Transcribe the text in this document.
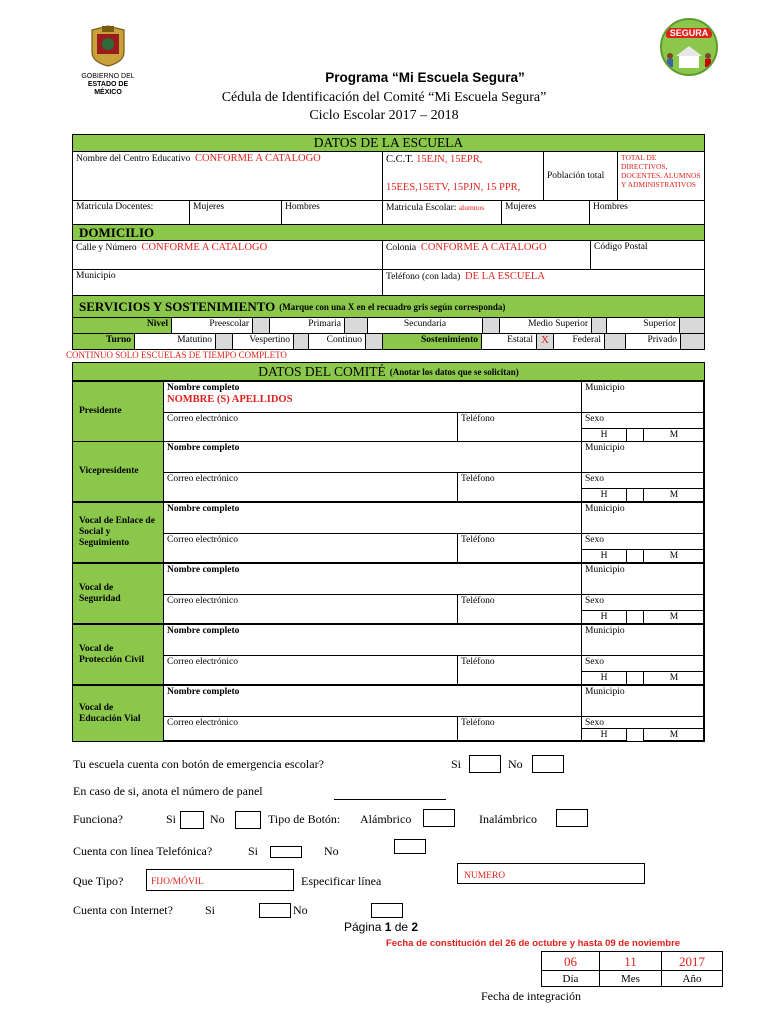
GOBIERNO DEL
ESTADO DE MÉXICO
SEGURA
Programa “Mi Escuela Segura”
Cédula de Identificación del Comité “Mi Escuela Segura”
Ciclo Escolar 2017 – 2018
DATOS DE LA ESCUELA
Nombre del Centro Educativo CONFORME A CATALOGO	C.C.T. 15EJN, 15EPR,

15EES,15ETV, 15PJN, 15 PPR,
Población total
TOTAL DE DIRECTIVOS, DOCENTES, ALUMNOS Y ADMINISTRATIVOS
Matricula Docentes:	Mujeres	Hombres	Matricula Escolar: alumnos	Mujeres	Hombres
DOMICILIO
Calle y Número CONFORME A CATALOGO	Colonia CONFORME A CATALOGO	Código Postal
Municipio	Teléfono (con lada) DE LA ESCUELA
SERVICIOS Y SOSTENIMIENTO (Marque con una X en el recuadro gris según corresponda)
Nivel	Preescolar	Primaria	Secundaria	Medio Superior	Superior
Turno	Matutino	Vespertino	Continuo	Sostenimiento	Estatal X	Federal	Privado
CONTINUO SOLO ESCUELAS DE TIEMPO COMPLETO
DATOS DEL COMITÉ (Anotar los datos que se solicitan)
Presidente
Nombre completo
NOMBRE (S) APELLIDOS
Municipio
Correo electrónico	Teléfono	Sexo
H	M
Vicepresidente
Nombre completo	Municipio
Correo electrónico	Teléfono	Sexo
H	M
Vocal de Enlace de Social y Seguimiento
Nombre completo	Municipio
Correo electrónico	Teléfono	Sexo
H	M
Vocal de Seguridad
Nombre completo	Municipio
Correo electrónico	Teléfono	Sexo
H	M
Vocal de Protección Civil
Nombre completo	Municipio
Correo electrónico	Teléfono	Sexo
H	M
Vocal de Educación Vial
Nombre completo	Municipio
Correo electrónico	Teléfono	Sexo
H	M
Tu escuela cuenta con botón de emergencia escolar?	Si	No
En caso de si, anota el número de panel
Funciona?	Si	No	Tipo de Botón: Alámbrico	Inalámbrico
Cuenta con línea Telefónica?	Si	No
Que Tipo?	FIJO/MÓVIL	Especificar línea	NUMERO
Cuenta con Internet?	Si	No
Página 1 de 2
Fecha de constitución del 26 de octubre y hasta 09 de noviembre
06	11	2017
Día	Mes	Año
Fecha de integración
